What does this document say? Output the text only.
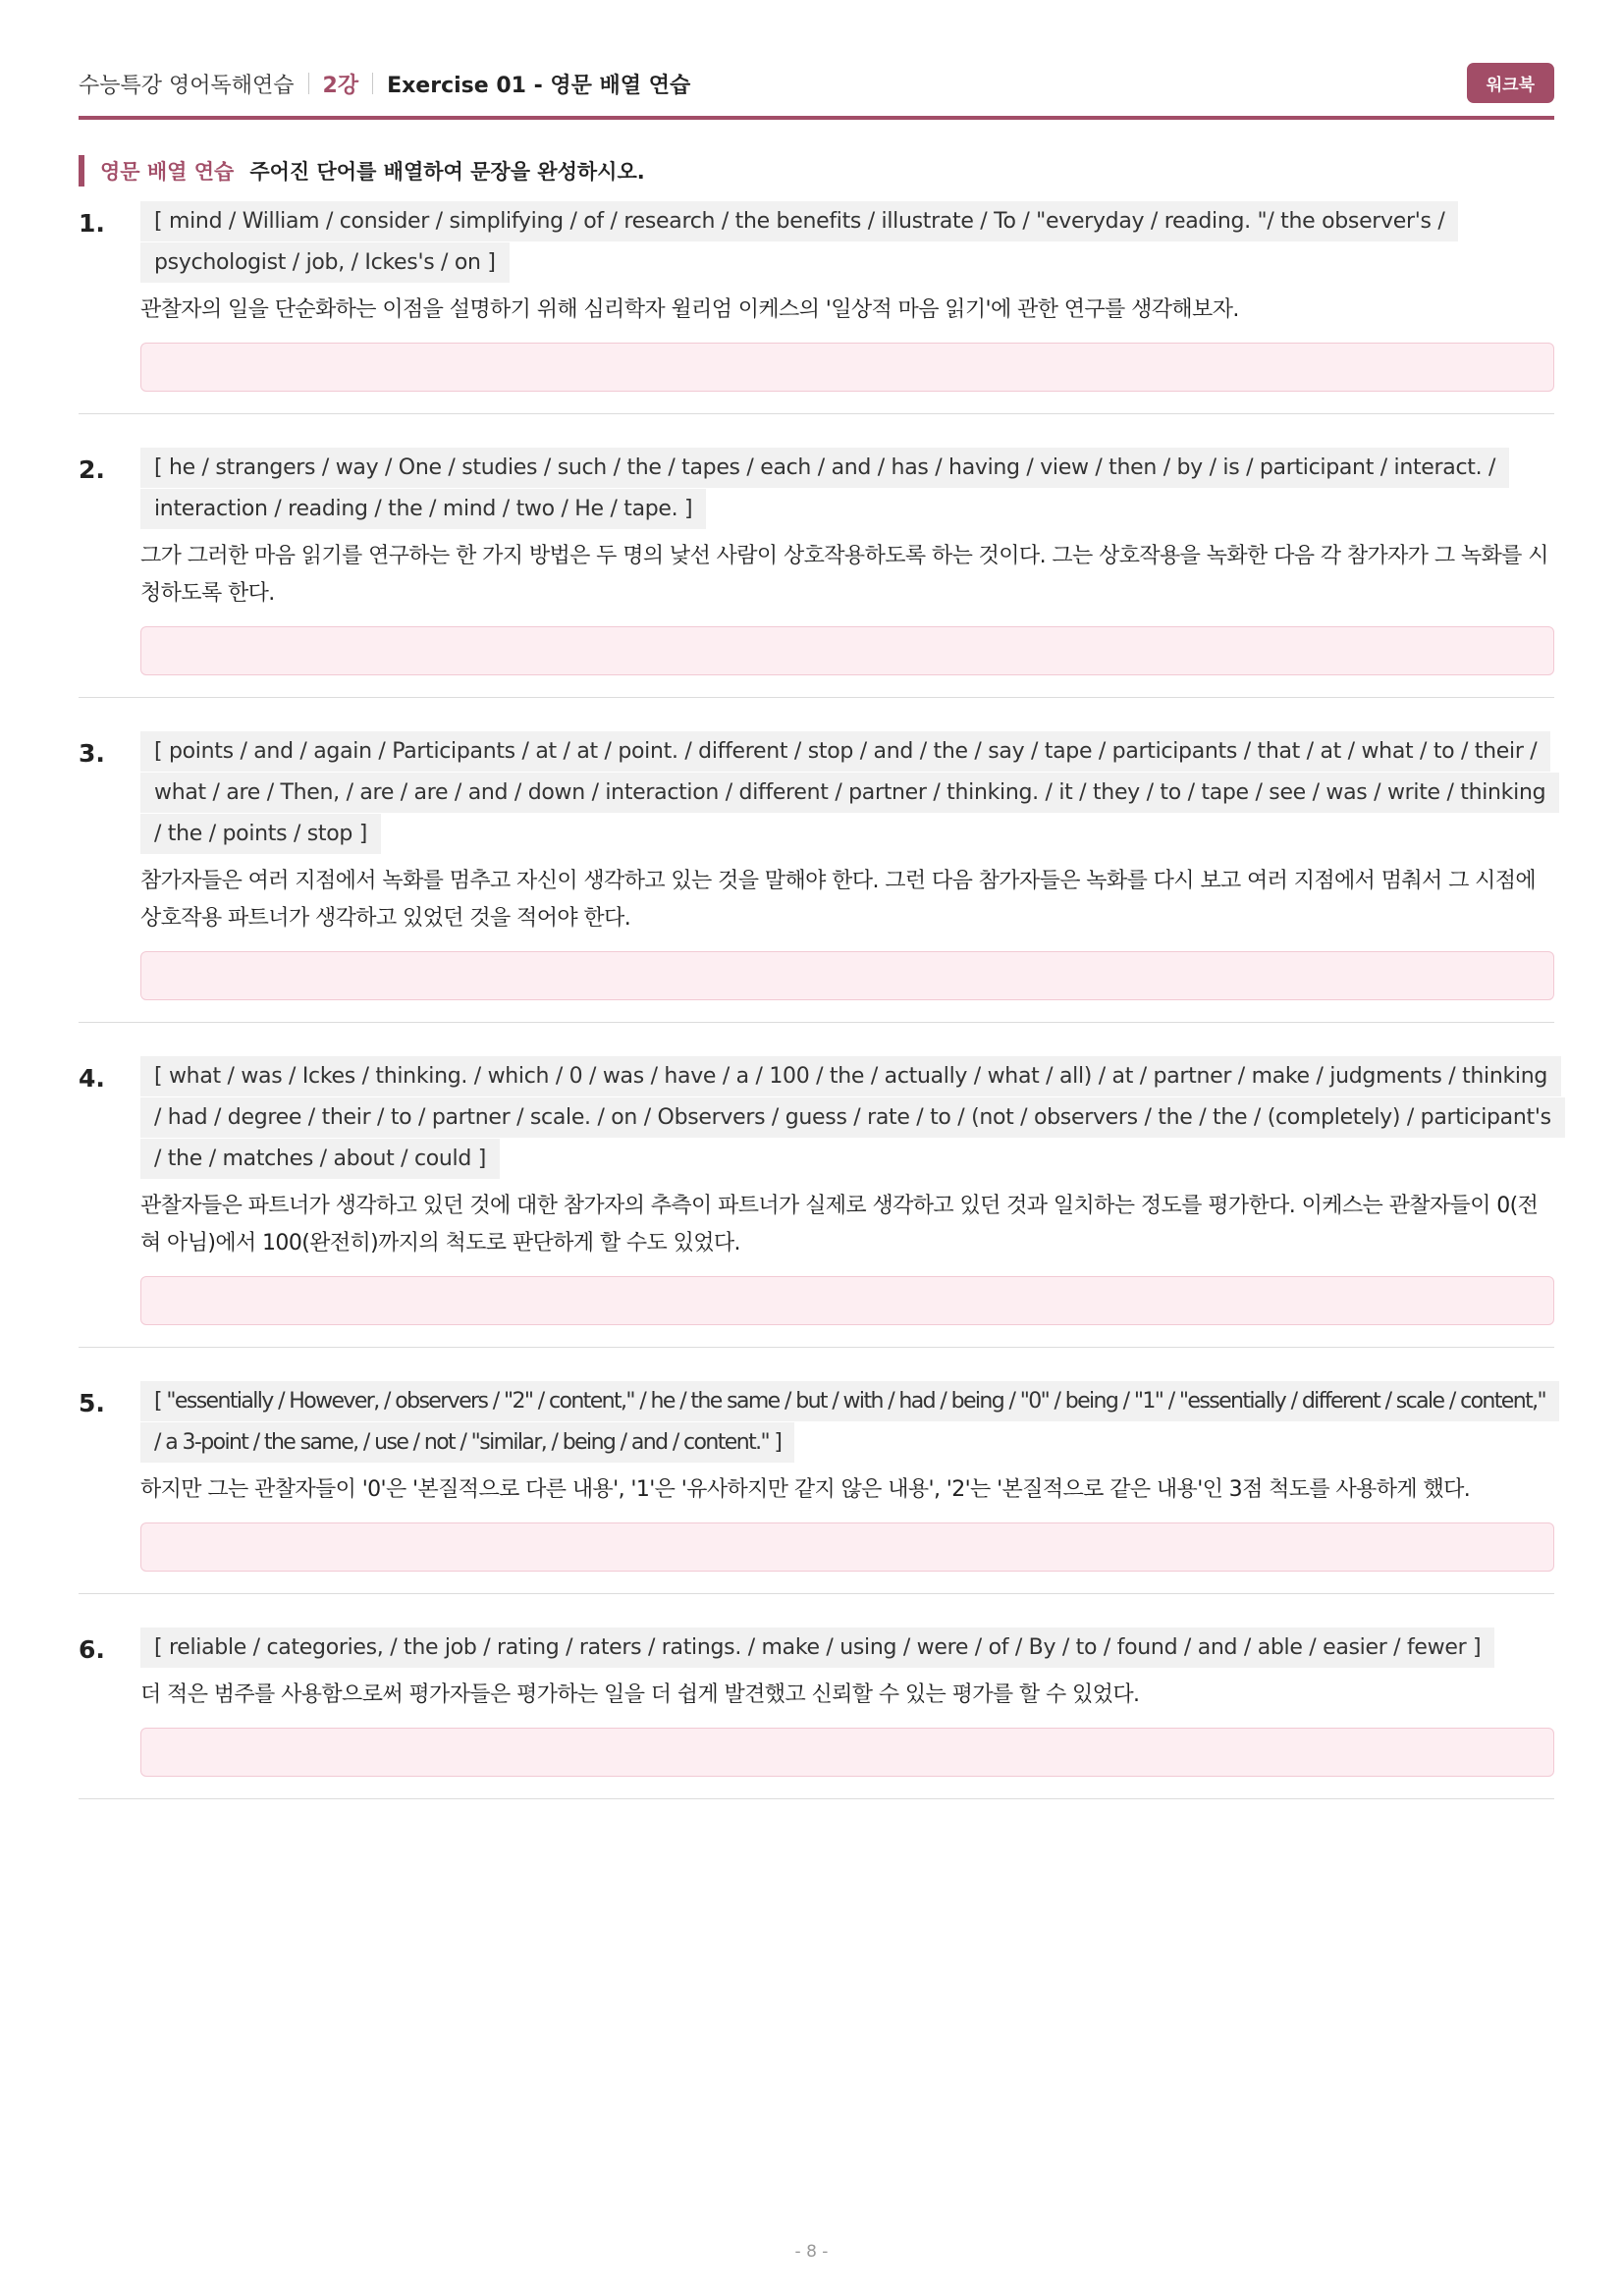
수능특강 영어독해연습 2강 Exercise 01 - 영문 배열 연습	워크북
영문 배열 연습 주어진 단어를 배열하여 문장을 완성하시오.
1.	[ mind / William / consider / simplifying / of / research / the benefits / illustrate / To / "everyday / reading. "/ the observer's / psychologist / job, / Ickes's / on ]
관찰자의 일을 단순화하는 이점을 설명하기 위해 심리학자 윌리엄 이케스의 '일상적 마음 읽기'에 관한 연구를 생각해보자.
2.	[ he / strangers / way / One / studies / such / the / tapes / each / and / has / having / view / then / by / is / participant / interact. / interaction / reading / the / mind / two / He / tape. ]
그가 그러한 마음 읽기를 연구하는 한 가지 방법은 두 명의 낯선 사람이 상호작용하도록 하는 것이다. 그는 상호작용을 녹화한 다음 각 참가자가 그 녹화를 시청하도록 한다.
3.	[ points / and / again / Participants / at / at / point. / different / stop / and / the / say / tape / participants / that / at / what / to / their / what / are / Then, / are / are / and / down / interaction / different / partner / thinking. / it / they / to / tape / see / was / write / thinking / the / points / stop ]
참가자들은 여러 지점에서 녹화를 멈추고 자신이 생각하고 있는 것을 말해야 한다. 그런 다음 참가자들은 녹화를 다시 보고 여러 지점에서 멈춰서 그 시점에 상호작용 파트너가 생각하고 있었던 것을 적어야 한다.
4.	[ what / was / Ickes / thinking. / which / 0 / was / have / a / 100 / the / actually / what / all) / at / partner / make / judgments / thinking / had / degree / their / to / partner / scale. / on / Observers / guess / rate / to / (not / observers / the / the / (completely) / participant's / the / matches / about / could ]
관찰자들은 파트너가 생각하고 있던 것에 대한 참가자의 추측이 파트너가 실제로 생각하고 있던 것과 일치하는 정도를 평가한다. 이케스는 관찰자들이 0(전혀 아님)에서 100(완전히)까지의 척도로 판단하게 할 수도 있었다.
5.	[ "essentially / However, / observers / "2" / content," / he / the same / but / with / had / being / "0" / being / "1" / "essentially / different / scale / content," / a 3-point / the same, / use / not / "similar, / being / and / content." ]
하지만 그는 관찰자들이 '0'은 '본질적으로 다른 내용', '1'은 '유사하지만 같지 않은 내용', '2'는 '본질적으로 같은 내용'인 3점 척도를 사용하게 했다.
6.	[ reliable / categories, / the job / rating / raters / ratings. / make / using / were / of / By / to / found / and / able / easier / fewer ]
더 적은 범주를 사용함으로써 평가자들은 평가하는 일을 더 쉽게 발견했고 신뢰할 수 있는 평가를 할 수 있었다.
- 8 -
